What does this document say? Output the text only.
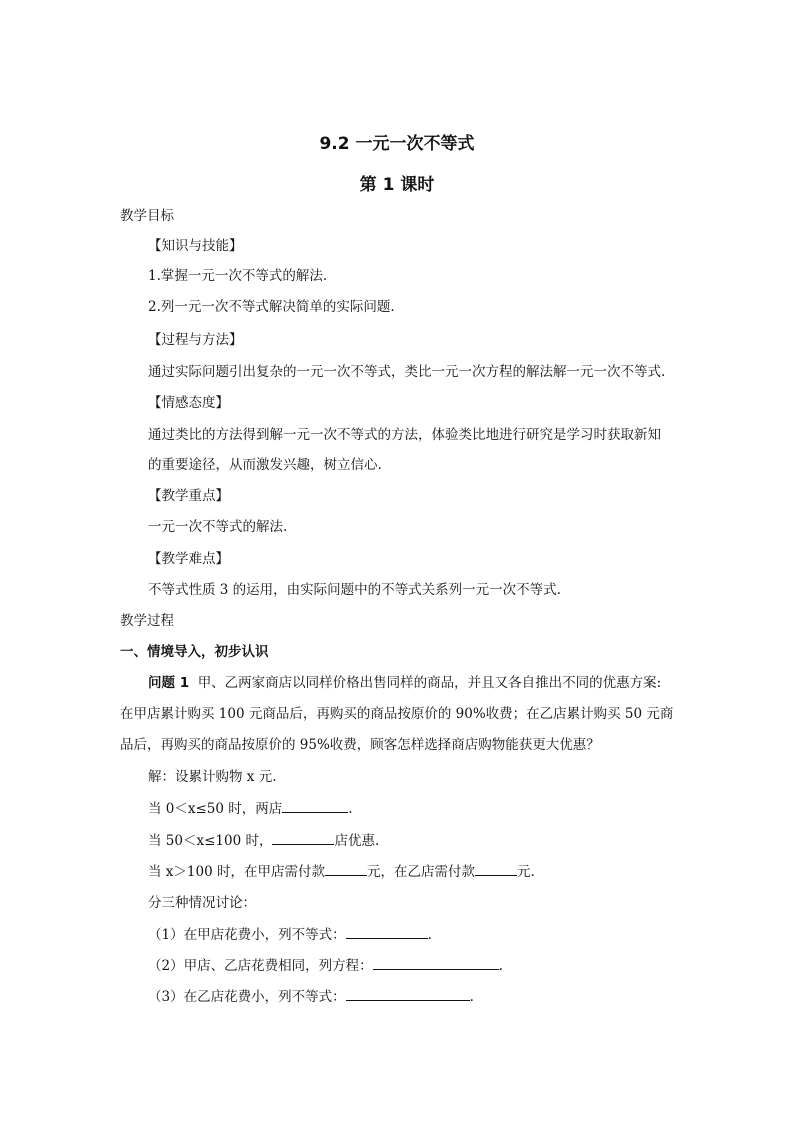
9.2 一元一次不等式
第 1 课时
教学目标
【知识与技能】
1.掌握一元一次不等式的解法.
2.列一元一次不等式解决简单的实际问题.
【过程与方法】
通过实际问题引出复杂的一元一次不等式，类比一元一次方程的解法解一元一次不等式.
【情感态度】
通过类比的方法得到解一元一次不等式的方法，体验类比地进行研究是学习时获取新知
的重要途径，从而激发兴趣，树立信心.
【教学重点】
一元一次不等式的解法.
【教学难点】
不等式性质 3 的运用，由实际问题中的不等式关系列一元一次不等式.
教学过程
一、情境导入，初步认识
问题 1 甲、乙两家商店以同样价格出售同样的商品，并且又各自推出不同的优惠方案:
在甲店累计购买 100 元商品后，再购买的商品按原价的 90%收费；在乙店累计购买 50 元商
品后，再购买的商品按原价的 95%收费，顾客怎样选择商店购物能获更大优惠？
解：设累计购物 x 元.
当 0＜x≤50 时，两店	.
当 50＜x≤100 时，	店优惠.
当 x＞100 时，在甲店需付款	元，在乙店需付款	元.
分三种情况讨论：
（1）在甲店花费小，列不等式：	.
（2）甲店、乙店花费相同，列方程：	.
（3）在乙店花费小，列不等式：	.
